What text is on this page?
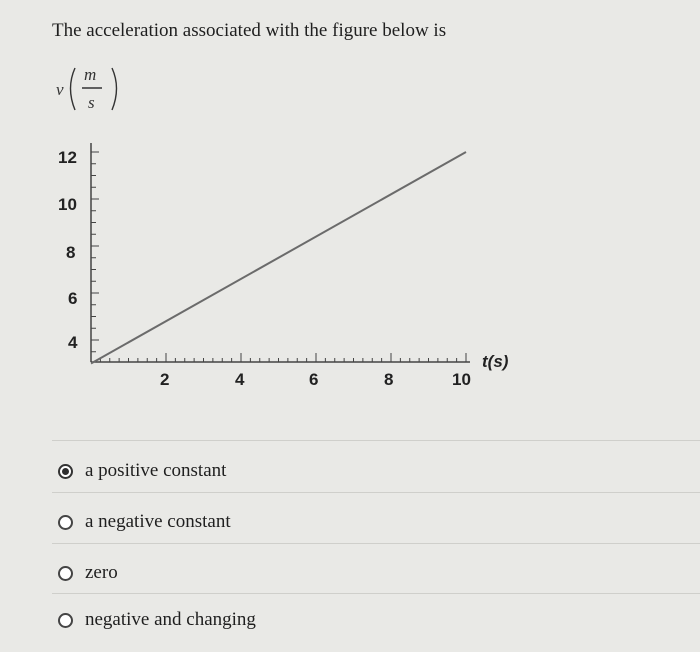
The acceleration associated with the figure below is
v
m
s
12
10
8
6
4
2	4	6	8	10
t(s)
a positive constant
a negative constant
zero
negative and changing
